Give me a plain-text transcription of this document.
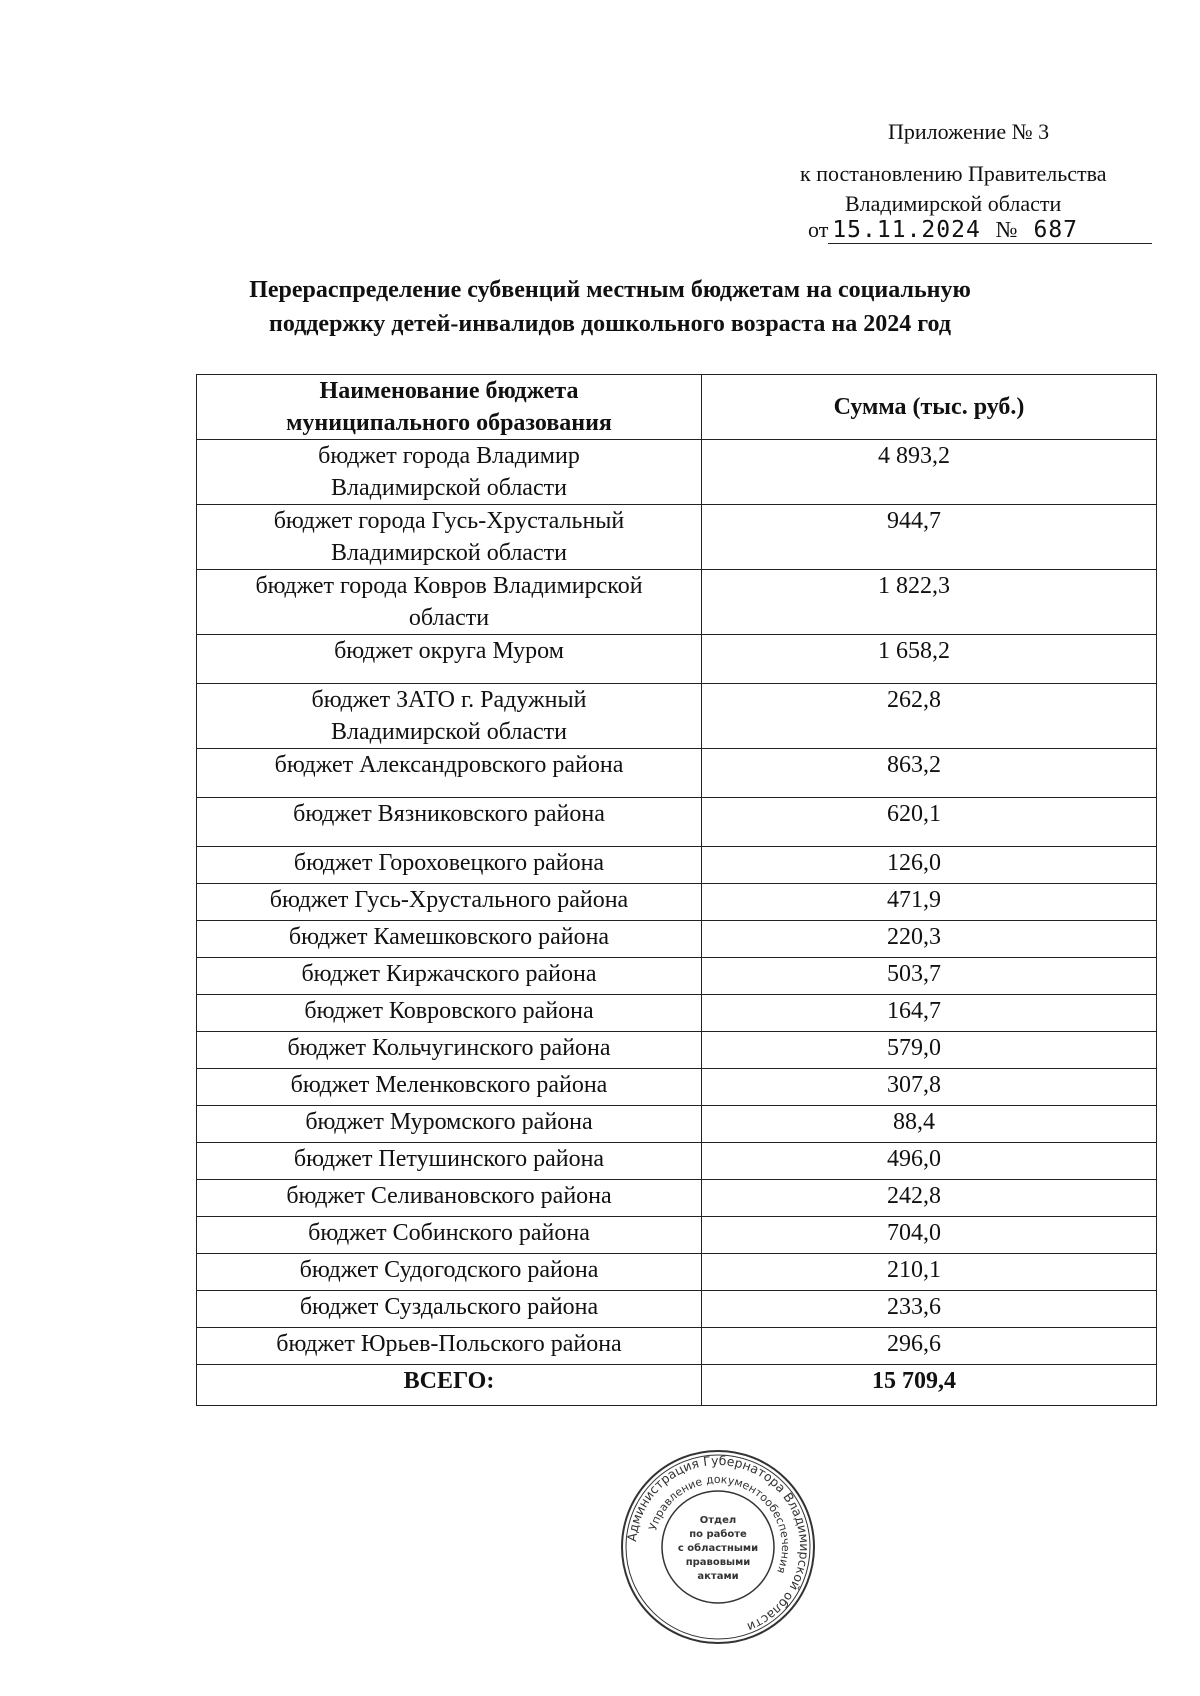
Приложение № 3
к постановлению Правительства
Владимирской области
от 15.11.2024 № 687
Перераспределение субвенций местным бюджетам на социальную
поддержку детей-инвалидов дошкольного возраста на 2024 год
Наименование бюджета муниципального образования	Сумма (тыс. руб.)
бюджет города Владимир Владимирской области	4 893,2
бюджет города Гусь-Хрустальный Владимирской области	944,7
бюджет города Ковров Владимирской области	1 822,3
бюджет округа Муром	1 658,2
бюджет ЗАТО г. Радужный Владимирской области	262,8
бюджет Александровского района	863,2
бюджет Вязниковского района	620,1
бюджет Гороховецкого района	126,0
бюджет Гусь-Хрустального района	471,9
бюджет Камешковского района	220,3
бюджет Киржачского района	503,7
бюджет Ковровского района	164,7
бюджет Кольчугинского района	579,0
бюджет Меленковского района	307,8
бюджет Муромского района	88,4
бюджет Петушинского района	496,0
бюджет Селивановского района	242,8
бюджет Собинского района	704,0
бюджет Судогодского района	210,1
бюджет Суздальского района	233,6
бюджет Юрьев-Польского района	296,6
ВСЕГО:	15 709,4
Администрация Губернатора Владимирской области
Управление документообеспечения
Отдел
по работе
с областными
правовыми
актами
